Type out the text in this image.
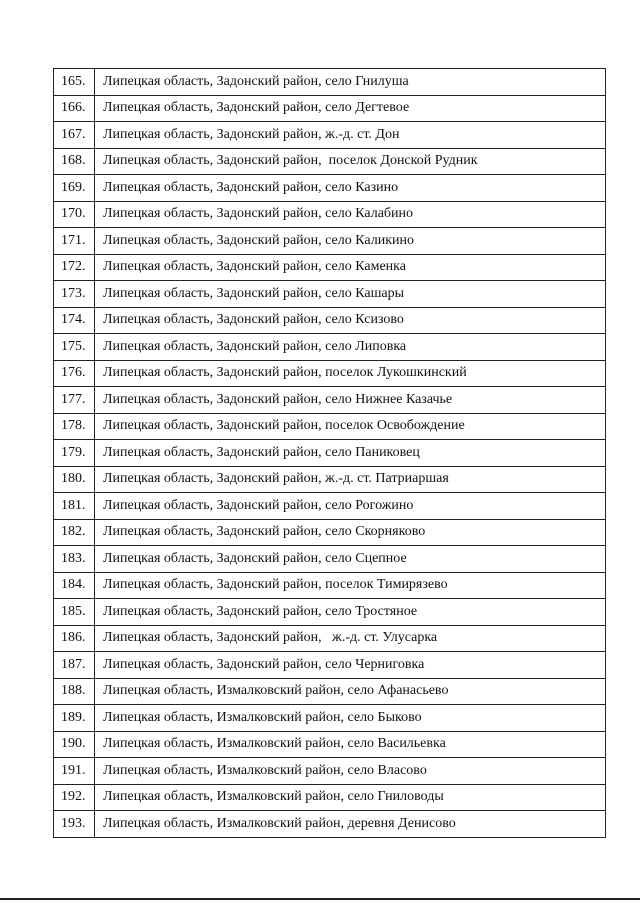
165.	Липецкая область, Задонский район, село Гнилуша
166.	Липецкая область, Задонский район, село Дегтевое
167.	Липецкая область, Задонский район, ж.-д. ст. Дон
168.	Липецкая область, Задонский район,  поселок Донской Рудник
169.	Липецкая область, Задонский район, село Казино
170.	Липецкая область, Задонский район, село Калабино
171.	Липецкая область, Задонский район, село Каликино
172.	Липецкая область, Задонский район, село Каменка
173.	Липецкая область, Задонский район, село Кашары
174.	Липецкая область, Задонский район, село Ксизово
175.	Липецкая область, Задонский район, село Липовка
176.	Липецкая область, Задонский район, поселок Лукошкинский
177.	Липецкая область, Задонский район, село Нижнее Казачье
178.	Липецкая область, Задонский район, поселок Освобождение
179.	Липецкая область, Задонский район, село Паниковец
180.	Липецкая область, Задонский район, ж.-д. ст. Патриаршая
181.	Липецкая область, Задонский район, село Рогожино
182.	Липецкая область, Задонский район, село Скорняково
183.	Липецкая область, Задонский район, село Сцепное
184.	Липецкая область, Задонский район, поселок Тимирязево
185.	Липецкая область, Задонский район, село Тростяное
186.	Липецкая область, Задонский район,   ж.-д. ст. Улусарка
187.	Липецкая область, Задонский район, село Черниговка
188.	Липецкая область, Измалковский район, село Афанасьево
189.	Липецкая область, Измалковский район, село Быково
190.	Липецкая область, Измалковский район, село Васильевка
191.	Липецкая область, Измалковский район, село Власово
192.	Липецкая область, Измалковский район, село Гниловоды
193.	Липецкая область, Измалковский район, деревня Денисово
